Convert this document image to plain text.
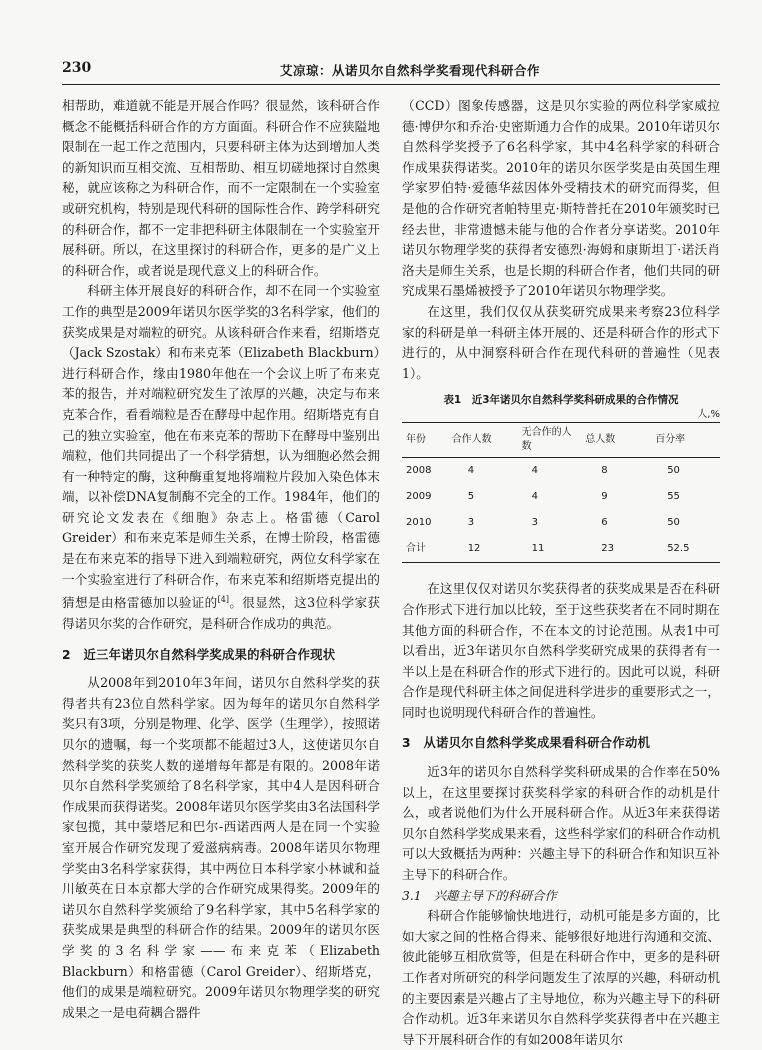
230	艾凉琼：从诺贝尔自然科学奖看现代科研合作

相帮助，难道就不能是开展合作吗？很显然，该科研合作概念不能概括科研合作的方方面面。科研合作不应狭隘地限制在一起工作之范围内，只要科研主体为达到增加人类的新知识而互相交流、互相帮助、相互切磋地探讨自然奥秘，就应该称之为科研合作，而不一定限制在一个实验室或研究机构，特别是现代科研的国际性合作、跨学科研究的科研合作，都不一定非把科研主体限制在一个实验室开展科研。所以，在这里探讨的科研合作，更多的是广义上的科研合作，或者说是现代意义上的科研合作。

科研主体开展良好的科研合作，却不在同一个实验室工作的典型是2009年诺贝尔医学奖的3名科学家，他们的获奖成果是对端粒的研究。从该科研合作来看，绍斯塔克（Jack Szostak）和布来克苯（Elizabeth Blackburn）进行科研合作，缘由1980年他在一个会议上听了布来克苯的报告，并对端粒研究发生了浓厚的兴趣，决定与布来克苯合作，看看端粒是否在酵母中起作用。绍斯塔克有自己的独立实验室，他在布来克苯的帮助下在酵母中鉴别出端粒，他们共同提出了一个科学猜想，认为细胞必然会拥有一种特定的酶，这种酶重复地将端粒片段加入染色体末端，以补偿DNA复制酶不完全的工作。1984年，他们的研究论文发表在《细胞》杂志上。格雷德（Carol Greider）和布来克苯是师生关系，在博士阶段，格雷德是在布来克苯的指导下进入到端粒研究，两位女科学家在一个实验室进行了科研合作，布来克苯和绍斯塔克提出的猜想是由格雷德加以验证的[4]。很显然，这3位科学家获得诺贝尔奖的合作研究，是科研合作成功的典范。

2　近三年诺贝尔自然科学奖成果的科研合作现状

从2008年到2010年3年间，诺贝尔自然科学奖的获得者共有23位自然科学家。因为每年的诺贝尔自然科学奖只有3项，分别是物理、化学、医学（生理学），按照诺贝尔的遗嘱，每一个奖项都不能超过3人，这使诺贝尔自然科学奖的获奖人数的递增每年都是有限的。2008年诺贝尔自然科学奖颁给了8名科学家，其中4人是因科研合作成果而获得诺奖。2008年诺贝尔医学奖由3名法国科学家包揽，其中蒙塔尼和巴尔-西诺西两人是在同一个实验室开展合作研究发现了爱滋病病毒。2008年诺贝尔物理学奖由3名科学家获得，其中两位日本科学家小林诚和益川敏英在日本京都大学的合作研究成果得奖。2009年的诺贝尔自然科学奖颁给了9名科学家，其中5名科学家的获奖成果是典型的科研合作的结果。2009年的诺贝尔医学奖的3名科学家——布来克苯（Elizabeth Blackburn）和格雷德（Carol Greider）、绍斯塔克，他们的成果是端粒研究。2009年诺贝尔物理学奖的研究成果之一是电荷耦合器件

（CCD）图象传感器，这是贝尔实验的两位科学家威拉德·博伊尔和乔治·史密斯通力合作的成果。2010年诺贝尔自然科学奖授予了6名科学家，其中4名科学家的科研合作成果获得诺奖。2010年的诺贝尔医学奖是由英国生理学家罗伯特·爱德华兹因体外受精技术的研究而得奖，但是他的合作研究者帕特里克·斯特普托在2010年颁奖时已经去世，非常遗憾未能与他的合作者分享诺奖。2010年诺贝尔物理学奖的获得者安德烈·海姆和康斯坦丁·诺沃肖洛夫是师生关系，也是长期的科研合作者，他们共同的研究成果石墨烯被授予了2010年诺贝尔物理学奖。

在这里，我们仅仅从获奖研究成果来考察23位科学家的科研是单一科研主体开展的、还是科研合作的形式下进行的，从中洞察科研合作在现代科研的普遍性（见表1）。

表1　近3年诺贝尔自然科学奖科研成果的合作情况
人,%
年份	合作人数	无合作的人数	总人数	百分率
2008	4	4	8	50
2009	5	4	9	55
2010	3	3	6	50
合计	12	11	23	52.5

在这里仅仅对诺贝尔奖获得者的获奖成果是否在科研合作形式下进行加以比较，至于这些获奖者在不同时期在其他方面的科研合作，不在本文的讨论范围。从表1中可以看出，近3年诺贝尔自然科学奖研究成果的获得者有一半以上是在科研合作的形式下进行的。因此可以说，科研合作是现代科研主体之间促进科学进步的重要形式之一，同时也说明现代科研合作的普遍性。

3　从诺贝尔自然科学奖成果看科研合作动机

近3年的诺贝尔自然科学奖科研成果的合作率在50%以上，在这里要探讨获奖科学家的科研合作的动机是什么，或者说他们为什么开展科研合作。从近3年来获得诺贝尔自然科学奖成果来看，这些科学家们的科研合作动机可以大致概括为两种：兴趣主导下的科研合作和知识互补主导下的科研合作。

3.1　兴趣主导下的科研合作

科研合作能够愉快地进行，动机可能是多方面的，比如大家之间的性格合得来、能够很好地进行沟通和交流、彼此能够互相欣赏等，但是在科研合作中，更多的是科研工作者对所研究的科学问题发生了浓厚的兴趣，科研动机的主要因素是兴趣占了主导地位，称为兴趣主导下的科研合作动机。近3年来诺贝尔自然科学奖获得者中在兴趣主导下开展科研合作的有如2008年诺贝尔
